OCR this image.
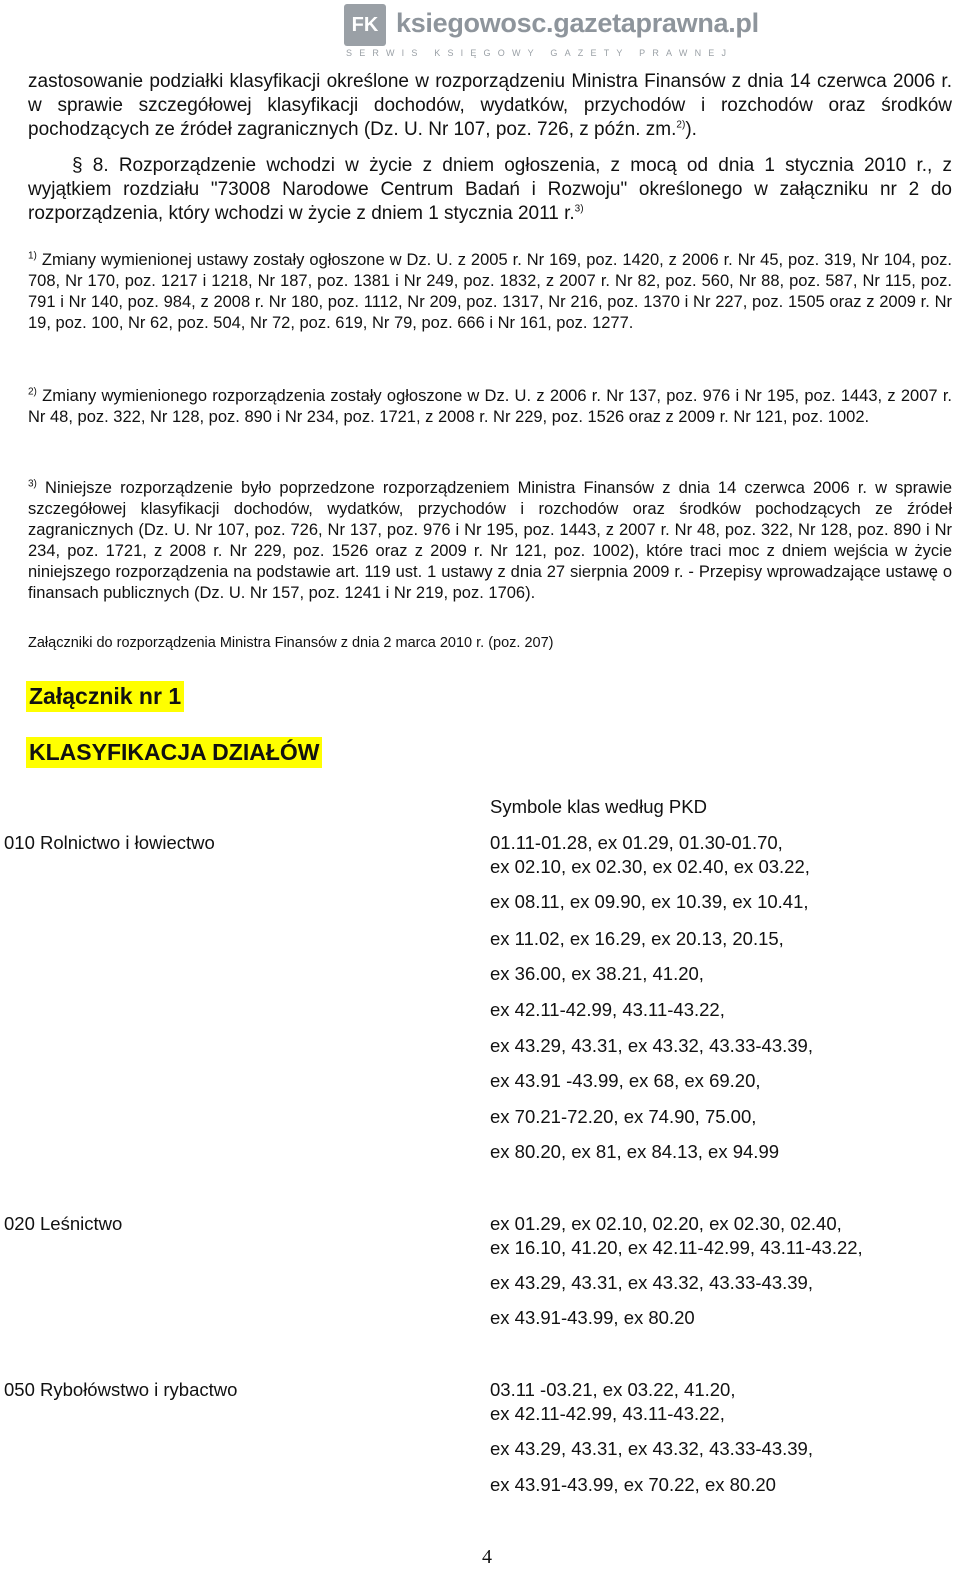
FK ksiegowosc.gazetaprawna.pl
SERWIS KSIĘGOWY GAZETY PRAWNEJ
zastosowanie podziałki klasyfikacji określone w rozporządzeniu Ministra Finansów z dnia 14 czerwca 2006 r. w sprawie szczegółowej klasyfikacji dochodów, wydatków, przychodów i rozchodów oraz środków pochodzących ze źródeł zagranicznych (Dz. U. Nr 107, poz. 726, z późn. zm.$^{2)}$).
§ 8. Rozporządzenie wchodzi w życie z dniem ogłoszenia, z mocą od dnia 1 stycznia 2010 r., z wyjątkiem rozdziału "73008 Narodowe Centrum Badań i Rozwoju" określonego w załączniku nr 2 do rozporządzenia, który wchodzi w życie z dniem 1 stycznia 2011 r.$^{3)}$
$^{1)}$ Zmiany wymienionej ustawy zostały ogłoszone w Dz. U. z 2005 r. Nr 169, poz. 1420, z 2006 r. Nr 45, poz. 319, Nr 104, poz. 708, Nr 170, poz. 1217 i 1218, Nr 187, poz. 1381 i Nr 249, poz. 1832, z 2007 r. Nr 82, poz. 560, Nr 88, poz. 587, Nr 115, poz. 791 i Nr 140, poz. 984, z 2008 r. Nr 180, poz. 1112, Nr 209, poz. 1317, Nr 216, poz. 1370 i Nr 227, poz. 1505 oraz z 2009 r. Nr 19, poz. 100, Nr 62, poz. 504, Nr 72, poz. 619, Nr 79, poz. 666 i Nr 161, poz. 1277.
$^{2)}$ Zmiany wymienionego rozporządzenia zostały ogłoszone w Dz. U. z 2006 r. Nr 137, poz. 976 i Nr 195, poz. 1443, z 2007 r. Nr 48, poz. 322, Nr 128, poz. 890 i Nr 234, poz. 1721, z 2008 r. Nr 229, poz. 1526 oraz z 2009 r. Nr 121, poz. 1002.
$^{3)}$ Niniejsze rozporządzenie było poprzedzone rozporządzeniem Ministra Finansów z dnia 14 czerwca 2006 r. w sprawie szczegółowej klasyfikacji dochodów, wydatków, przychodów i rozchodów oraz środków pochodzących ze źródeł zagranicznych (Dz. U. Nr 107, poz. 726, Nr 137, poz. 976 i Nr 195, poz. 1443, z 2007 r. Nr 48, poz. 322, Nr 128, poz. 890 i Nr 234, poz. 1721, z 2008 r. Nr 229, poz. 1526 oraz z 2009 r. Nr 121, poz. 1002), które traci moc z dniem wejścia w życie niniejszego rozporządzenia na podstawie art. 119 ust. 1 ustawy z dnia 27 sierpnia 2009 r. - Przepisy wprowadzające ustawę o finansach publicznych (Dz. U. Nr 157, poz. 1241 i Nr 219, poz. 1706).
Załączniki do rozporządzenia Ministra Finansów z dnia 2 marca 2010 r. (poz. 207)
Załącznik nr 1
KLASYFIKACJA DZIAŁÓW
Symbole klas według PKD
010 Rolnictwo i łowiectwo	01.11-01.28, ex 01.29, 01.30-01.70,
ex 02.10, ex 02.30, ex 02.40, ex 03.22,
ex 08.11, ex 09.90, ex 10.39, ex 10.41,
ex 11.02, ex 16.29, ex 20.13, 20.15,
ex 36.00, ex 38.21, 41.20,
ex 42.11-42.99, 43.11-43.22,
ex 43.29, 43.31, ex 43.32, 43.33-43.39,
ex 43.91 -43.99, ex 68, ex 69.20,
ex 70.21-72.20, ex 74.90, 75.00,
ex 80.20, ex 81, ex 84.13, ex 94.99
020 Leśnictwo	ex 01.29, ex 02.10, 02.20, ex 02.30, 02.40,
ex 16.10, 41.20, ex 42.11-42.99, 43.11-43.22,
ex 43.29, 43.31, ex 43.32, 43.33-43.39,
ex 43.91-43.99, ex 80.20
050 Rybołówstwo i rybactwo	03.11 -03.21, ex 03.22, 41.20,
ex 42.11-42.99, 43.11-43.22,
ex 43.29, 43.31, ex 43.32, 43.33-43.39,
ex 43.91-43.99, ex 70.22, ex 80.20
4
